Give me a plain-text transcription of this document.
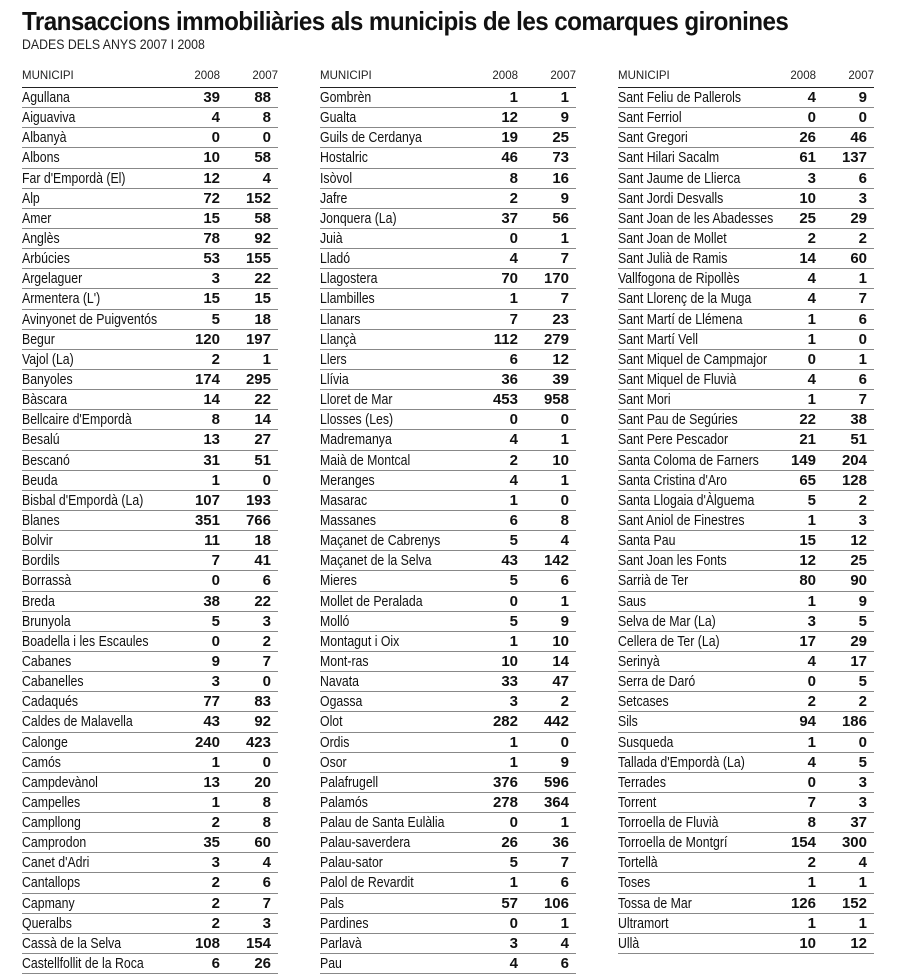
Transaccions immobiliàries als municipis de les comarques gironines
DADES DELS ANYS 2007 I 2008
MUNICIPI	2008	2007
Agullana	39	88
Aiguaviva	4	8
Albanyà	0	0
Albons	10	58
Far d'Empordà (El)	12	4
Alp	72	152
Amer	15	58
Anglès	78	92
Arbúcies	53	155
Argelaguer	3	22
Armentera (L')	15	15
Avinyonet de Puigventós	5	18
Begur	120	197
Vajol (La)	2	1
Banyoles	174	295
Bàscara	14	22
Bellcaire d'Empordà	8	14
Besalú	13	27
Bescanó	31	51
Beuda	1	0
Bisbal d'Empordà (La)	107	193
Blanes	351	766
Bolvir	11	18
Bordils	7	41
Borrassà	0	6
Breda	38	22
Brunyola	5	3
Boadella i les Escaules	0	2
Cabanes	9	7
Cabanelles	3	0
Cadaqués	77	83
Caldes de Malavella	43	92
Calonge	240	423
Camós	1	0
Campdevànol	13	20
Campelles	1	8
Campllong	2	8
Camprodon	35	60
Canet d'Adri	3	4
Cantallops	2	6
Capmany	2	7
Queralbs	2	3
Cassà de la Selva	108	154
Castellfollit de la Roca	6	26
MUNICIPI	2008	2007
Gombrèn	1	1
Gualta	12	9
Guils de Cerdanya	19	25
Hostalric	46	73
Isòvol	8	16
Jafre	2	9
Jonquera (La)	37	56
Juià	0	1
Lladó	4	7
Llagostera	70	170
Llambilles	1	7
Llanars	7	23
Llançà	112	279
Llers	6	12
Llívia	36	39
Lloret de Mar	453	958
Llosses (Les)	0	0
Madremanya	4	1
Maià de Montcal	2	10
Meranges	4	1
Masarac	1	0
Massanes	6	8
Maçanet de Cabrenys	5	4
Maçanet de la Selva	43	142
Mieres	5	6
Mollet de Peralada	0	1
Molló	5	9
Montagut i Oix	1	10
Mont-ras	10	14
Navata	33	47
Ogassa	3	2
Olot	282	442
Ordis	1	0
Osor	1	9
Palafrugell	376	596
Palamós	278	364
Palau de Santa Eulàlia	0	1
Palau-saverdera	26	36
Palau-sator	5	7
Palol de Revardit	1	6
Pals	57	106
Pardines	0	1
Parlavà	3	4
Pau	4	6
MUNICIPI	2008	2007
Sant Feliu de Pallerols	4	9
Sant Ferriol	0	0
Sant Gregori	26	46
Sant Hilari Sacalm	61	137
Sant Jaume de Llierca	3	6
Sant Jordi Desvalls	10	3
Sant Joan de les Abadesses	25	29
Sant Joan de Mollet	2	2
Sant Julià de Ramis	14	60
Vallfogona de Ripollès	4	1
Sant Llorenç de la Muga	4	7
Sant Martí de Llémena	1	6
Sant Martí Vell	1	0
Sant Miquel de Campmajor	0	1
Sant Miquel de Fluvià	4	6
Sant Mori	1	7
Sant Pau de Segúries	22	38
Sant Pere Pescador	21	51
Santa Coloma de Farners	149	204
Santa Cristina d'Aro	65	128
Santa Llogaia d'Àlguema	5	2
Sant Aniol de Finestres	1	3
Santa Pau	15	12
Sant Joan les Fonts	12	25
Sarrià de Ter	80	90
Saus	1	9
Selva de Mar (La)	3	5
Cellera de Ter (La)	17	29
Serinyà	4	17
Serra de Daró	0	5
Setcases	2	2
Sils	94	186
Susqueda	1	0
Tallada d'Empordà (La)	4	5
Terrades	0	3
Torrent	7	3
Torroella de Fluvià	8	37
Torroella de Montgrí	154	300
Tortellà	2	4
Toses	1	1
Tossa de Mar	126	152
Ultramort	1	1
Ullà	10	12
